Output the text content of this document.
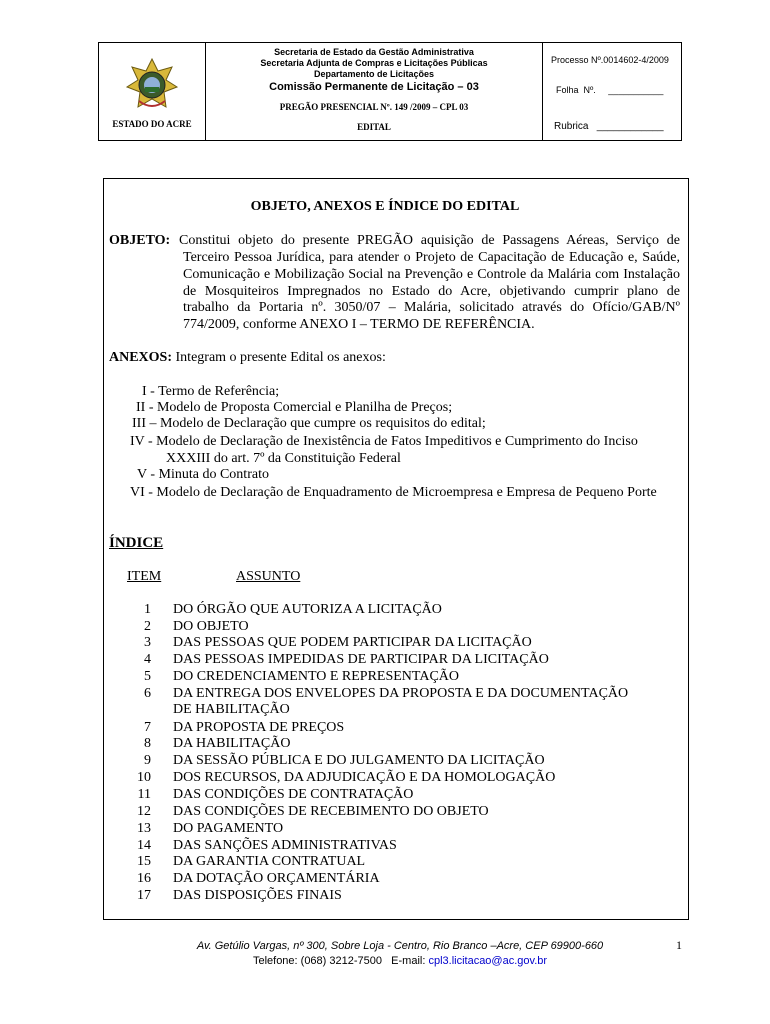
ESTADO DO ACRE
Secretaria de Estado da Gestão Administrativa
Secretaria Adjunta de Compras e Licitações Públicas
Departamento de Licitações
Comissão Permanente de Licitação – 03
PREGÃO PRESENCIAL Nº. 149 /2009 – CPL 03
EDITAL
Processo Nº.0014602-4/2009
Folha  Nº.     ___________
Rubrica   ____________
OBJETO, ANEXOS E ÍNDICE DO EDITAL
OBJETO: Constitui objeto do presente PREGÃO aquisição de Passagens Aéreas, Serviço de
Terceiro Pessoa Jurídica, para atender o Projeto de Capacitação de Educação e, Saúde,
Comunicação e Mobilização Social na Prevenção e Controle da Malária com Instalação
de Mosquiteiros Impregnados no Estado do Acre, objetivando cumprir plano de
trabalho da Portaria nº. 3050/07 – Malária, solicitado através do Ofício/GAB/Nº
774/2009, conforme ANEXO I – TERMO DE REFERÊNCIA.
ANEXOS: Integram o presente Edital os anexos:
I - Termo de Referência;
II - Modelo de Proposta Comercial e Planilha de Preços;
III – Modelo de Declaração que cumpre os requisitos do edital;
IV - Modelo de Declaração de Inexistência de Fatos Impeditivos e Cumprimento do Inciso
XXXIII do art. 7º da Constituição Federal
V - Minuta do Contrato
VI - Modelo de Declaração de Enquadramento de Microempresa e Empresa de Pequeno Porte
ÍNDICE
ITEM	ASSUNTO
1 DO ÓRGÃO QUE AUTORIZA A LICITAÇÃO
2 DO OBJETO
3 DAS PESSOAS QUE PODEM PARTICIPAR DA LICITAÇÃO
4 DAS PESSOAS IMPEDIDAS DE PARTICIPAR DA LICITAÇÃO
5 DO CREDENCIAMENTO E REPRESENTAÇÃO
6 DA ENTREGA DOS ENVELOPES DA PROPOSTA E DA DOCUMENTAÇÃO
DE HABILITAÇÃO
7 DA PROPOSTA DE PREÇOS
8 DA HABILITAÇÃO
9 DA SESSÃO PÚBLICA E DO JULGAMENTO DA LICITAÇÃO
10 DOS RECURSOS, DA ADJUDICAÇÃO E DA HOMOLOGAÇÃO
11 DAS CONDIÇÕES DE CONTRATAÇÃO
12 DAS CONDIÇÕES DE RECEBIMENTO DO OBJETO
13 DO PAGAMENTO
14 DAS SANÇÕES ADMINISTRATIVAS
15 DA GARANTIA CONTRATUAL
16 DA DOTAÇÃO ORÇAMENTÁRIA
17 DAS DISPOSIÇÕES FINAIS
Av. Getúlio Vargas, nº 300, Sobre Loja - Centro, Rio Branco –Acre, CEP 69900-660
Telefone: (068) 3212-7500   E-mail: cpl3.licitacao@ac.gov.br
1
